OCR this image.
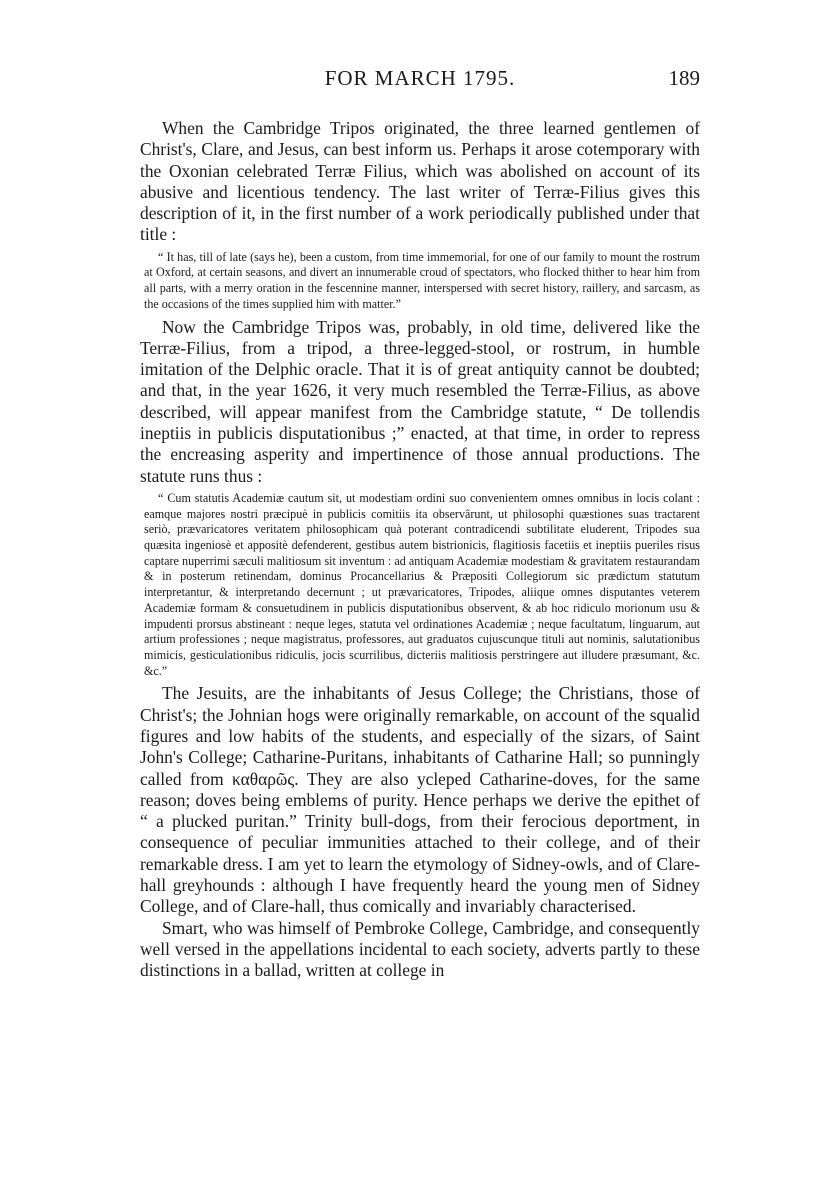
FOR MARCH 1795.	189

When the Cambridge Tripos originated, the three learned gentlemen of Christ's, Clare, and Jesus, can best inform us. Perhaps it arose cotemporary with the Oxonian celebrated Terræ Filius, which was abolished on account of its abusive and licentious tendency. The last writer of Terræ-Filius gives this description of it, in the first number of a work periodically published under that title :

“ It has, till of late (says he), been a custom, from time immemorial, for one of our family to mount the rostrum at Oxford, at certain seasons, and divert an innumerable croud of spectators, who flocked thither to hear him from all parts, with a merry oration in the fescennine manner, interspersed with secret history, raillery, and sarcasm, as the occasions of the times supplied him with matter.”

Now the Cambridge Tripos was, probably, in old time, delivered like the Terræ-Filius, from a tripod, a three-legged-stool, or rostrum, in humble imitation of the Delphic oracle. That it is of great antiquity cannot be doubted; and that, in the year 1626, it very much resembled the Terræ-Filius, as above described, will appear manifest from the Cambridge statute, “ De tollendis ineptiis in publicis disputationibus ;” enacted, at that time, in order to repress the encreasing asperity and impertinence of those annual productions. The statute runs thus :

“ Cum statutis Academiæ cautum sit, ut modestiam ordini suo convenientem omnes omnibus in locis colant : eamque majores nostri præcipuè in publicis comitiis ita observârunt, ut philosophi quæstiones suas tractarent seriò, prævaricatores veritatem philosophicam quà poterant contradicendi subtilitate eluderent, Tripodes sua quæsita ingeniosè et appositè defenderent, gestibus autem bistrionicis, flagitiosis facetiis et ineptiis pueriles risus captare nuperrimi sæculi malitiosum sit inventum : ad antiquam Academiæ modestiam & gravitatem restaurandam & in posterum retinendam, dominus Procancellarius & Præpositi Collegiorum sic prædictum statutum interpretantur, & interpretando decernunt ; ut prævaricatores, Tripodes, aliique omnes disputantes veterem Academiæ formam & consuetudinem in publicis disputationibus observent, & ab hoc ridiculo morionum usu & impudenti prorsus abstineant : neque leges, statuta vel ordinationes Academiæ ; neque facultatum, linguarum, aut artium professiones ; neque magistratus, professores, aut graduatos cujuscunque tituli aut nominis, salutationibus mimicis, gesticulationibus ridiculis, jocis scurrilibus, dicteriis malitiosis perstringere aut illudere præsumant, &c. &c.”

The Jesuits, are the inhabitants of Jesus College; the Christians, those of Christ's; the Johnian hogs were originally remarkable, on account of the squalid figures and low habits of the students, and especially of the sizars, of Saint John's College; Catharine-Puritans, inhabitants of Catharine Hall; so punningly called from καθαρῶς. They are also ycleped Catharine-doves, for the same reason; doves being emblems of purity. Hence perhaps we derive the epithet of “ a plucked puritan.” Trinity bull-dogs, from their ferocious deportment, in consequence of peculiar immunities attached to their college, and of their remarkable dress. I am yet to learn the etymology of Sidney-owls, and of Clare-hall greyhounds : although I have frequently heard the young men of Sidney College, and of Clare-hall, thus comically and invariably characterised.

Smart, who was himself of Pembroke College, Cambridge, and consequently well versed in the appellations incidental to each society, adverts partly to these distinctions in a ballad, written at college in
